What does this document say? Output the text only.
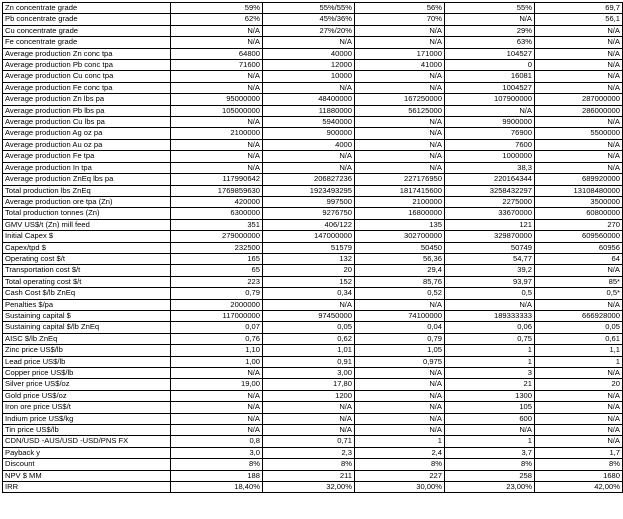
Zn concentrate grade	59%	55%/55%	56%	55%	69,7
Pb concentrate grade	62%	45%/36%	70%	N/A	56,1
Cu concentrate grade	N/A	27%/20%	N/A	29%	N/A
Fe concentrate grade	N/A	N/A	N/A	63%	N/A
Average production Zn conc tpa	64800	40000	171000	104527	N/A
Average production Pb conc tpa	71600	12000	41000	0	N/A
Average production Cu conc tpa	N/A	10000	N/A	16081	N/A
Average production Fe conc tpa	N/A	N/A	N/A	1004527	N/A
Average production Zn lbs pa	95000000	48400000	167250000	107900000	287000000
Average production Pb lbs pa	105000000	11880000	56125000	N/A	286000000
Average production Cu lbs pa	N/A	5940000	N/A	9900000	N/A
Average production Ag oz pa	2100000	900000	N/A	76900	5500000
Average production Au oz pa	N/A	4000	N/A	7600	N/A
Average production Fe tpa	N/A	N/A	N/A	1000000	N/A
Average production In tpa	N/A	N/A	N/A	38,3	N/A
Average production ZnEq lbs pa	117990642	206827236	227176950	220164344	689920000
Total production lbs ZnEq	1769859630	1923493295	1817415600	3258432297	13108480000
Average production ore tpa (Zn)	420000	997500	2100000	2275000	3500000
Total production tonnes (Zn)	6300000	9276750	16800000	33670000	60800000
GMV US$/t (Zn) mill feed	351	406/122	135	121	270
Initial Capex $	279000000	147000000	302700000	329870000	609560000
Capex/tpd $	232500	51579	50450	50749	60956
Operating cost $/t	165	132	56,36	54,77	64
Transportation cost $/t	65	20	29,4	39,2	N/A
Total operating cost $/t	223	152	85,76	93,97	85*
Cash Cost $/lb ZnEq	0,79	0,34	0,52	0,5	0,5*
Penalties $/pa	2000000	N/A	N/A	N/A	N/A
Sustaining capital $	117000000	97450000	74100000	189333333	666928000
Sustaining capital $/lb ZnEq	0,07	0,05	0,04	0,06	0,05
AISC $/lb ZnEq	0,76	0,62	0,79	0,75	0,61
Zinc price US$/lb	1,10	1,01	1,05	1	1,1
Lead price US$/lb	1,00	0,91	0,975	1	1
Copper price US$/lb	N/A	3,00	N/A	3	N/A
Silver price US$/oz	19,00	17,80	N/A	21	20
Gold price US$/oz	N/A	1200	N/A	1300	N/A
Iron ore price US$/t	N/A	N/A	N/A	105	N/A
Indium price US$/kg	N/A	N/A	N/A	600	N/A
Tin price US$/lb	N/A	N/A	N/A	N/A	N/A
CDN/USD -AUS/USD -USD/PNS FX	0,8	0,71	1	1	N/A
Payback y	3,0	2,3	2,4	3,7	1,7
Discount	8%	8%	8%	8%	8%
NPV $ MM	188	211	227	258	1680
IRR	18,40%	32,00%	30,00%	23,00%	42,00%
